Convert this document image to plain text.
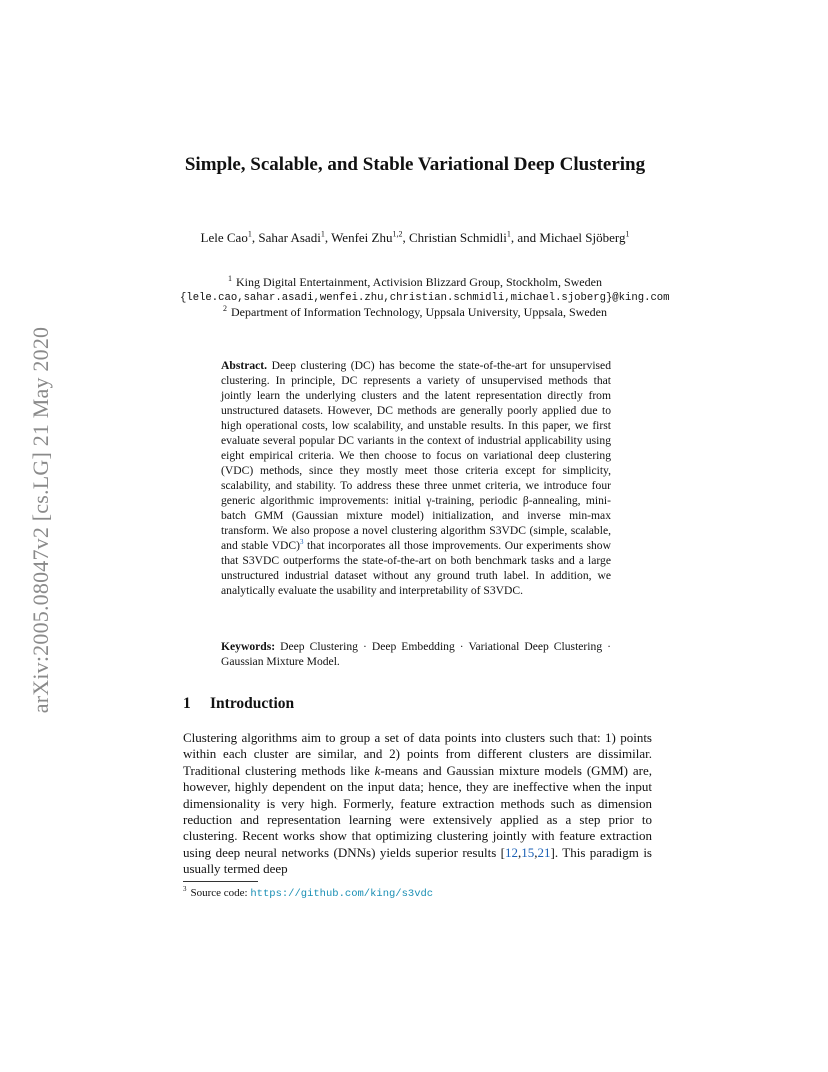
arXiv:2005.08047v2 [cs.LG] 21 May 2020
Simple, Scalable, and Stable Variational Deep Clustering
Lele Cao$^1$, Sahar Asadi$^1$, Wenfei Zhu$^{1,2}$, Christian Schmidli$^1$, and Michael Sjöberg$^1$
$^1$ King Digital Entertainment, Activision Blizzard Group, Stockholm, Sweden
{lele.cao,sahar.asadi,wenfei.zhu,christian.schmidli,michael.sjoberg}@king.com
$^2$ Department of Information Technology, Uppsala University, Uppsala, Sweden
Abstract. Deep clustering (DC) has become the state-of-the-art for unsupervised clustering. In principle, DC represents a variety of unsupervised methods that jointly learn the underlying clusters and the latent representation directly from unstructured datasets. However, DC methods are generally poorly applied due to high operational costs, low scalability, and unstable results. In this paper, we first evaluate several popular DC variants in the context of industrial applicability using eight empirical criteria. We then choose to focus on variational deep clustering (VDC) methods, since they mostly meet those criteria except for simplicity, scalability, and stability. To address these three unmet criteria, we introduce four generic algorithmic improvements: initial γ-training, periodic β-annealing, mini-batch GMM (Gaussian mixture model) initialization, and inverse min-max transform. We also propose a novel clustering algorithm S3VDC (simple, scalable, and stable VDC)$^3$ that incorporates all those improvements. Our experiments show that S3VDC outperforms the state-of-the-art on both benchmark tasks and a large unstructured industrial dataset without any ground truth label. In addition, we analytically evaluate the usability and interpretability of S3VDC.
Keywords: Deep Clustering · Deep Embedding · Variational Deep Clustering · Gaussian Mixture Model.
1 Introduction
Clustering algorithms aim to group a set of data points into clusters such that: 1) points within each cluster are similar, and 2) points from different clusters are dissimilar. Traditional clustering methods like k-means and Gaussian mixture models (GMM) are, however, highly dependent on the input data; hence, they are ineffective when the input dimensionality is very high. Formerly, feature extraction methods such as dimension reduction and representation learning were extensively applied as a step prior to clustering. Recent works show that optimizing clustering jointly with feature extraction using deep neural networks (DNNs) yields superior results [12,15,21]. This paradigm is usually termed deep
$^3$ Source code: https://github.com/king/s3vdc
